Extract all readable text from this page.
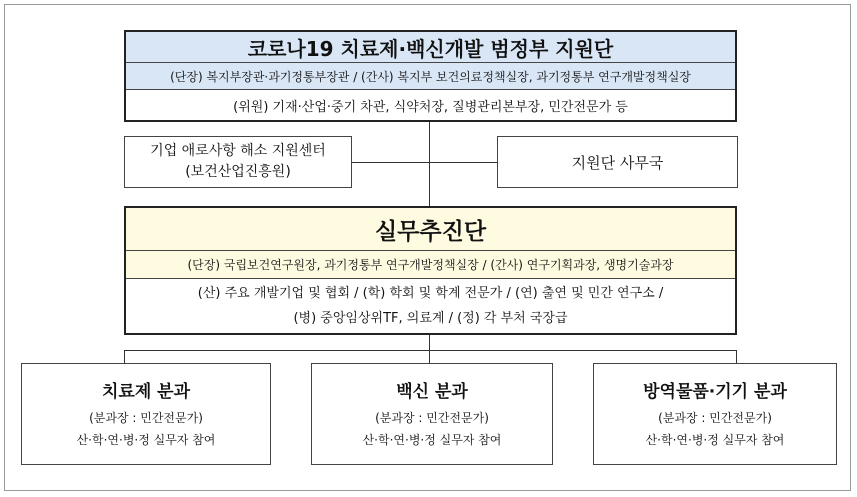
코로나19 치료제·백신개발 범정부 지원단
(단장) 복지부장관·과기정통부장관 / (간사) 복지부 보건의료정책실장, 과기정통부 연구개발정책실장
(위원) 기재·산업·중기 차관, 식약처장, 질병관리본부장, 민간전문가 등
기업 애로사항 해소 지원센터
(보건산업진흥원)
지원단 사무국
실무추진단
(단장) 국립보건연구원장, 과기정통부 연구개발정책실장 / (간사) 연구기획과장, 생명기술과장
(산) 주요 개발기업 및 협회 / (학) 학회 및 학계 전문가 / (연) 출연 및 민간 연구소 /
(병) 중앙임상위TF, 의료계 / (정) 각 부처 국장급
치료제 분과
(분과장 : 민간전문가)
산·학·연·병·정 실무자 참여
백신 분과
(분과장 : 민간전문가)
산·학·연·병·정 실무자 참여
방역물품·기기 분과
(분과장 : 민간전문가)
산·학·연·병·정 실무자 참여
